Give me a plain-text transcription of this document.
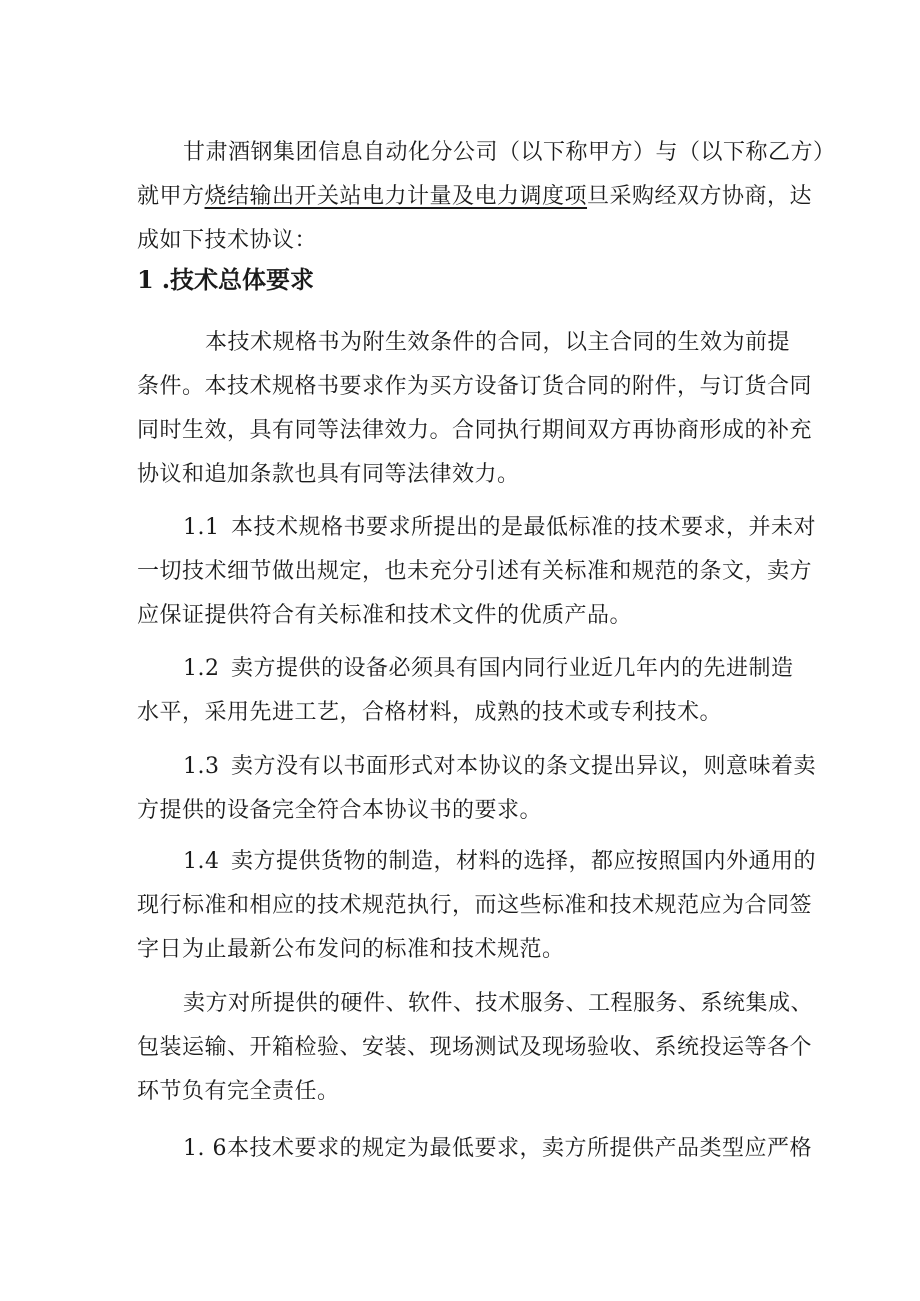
甘肃酒钢集团信息自动化分公司（以下称甲方）与（以下称乙方）
就甲方烧结输出开关站电力计量及电力调度项旦采购经双方协商，达
成如下技术协议：

1 .技术总体要求

本技术规格书为附生效条件的合同，以主合同的生效为前提
条件。本技术规格书要求作为买方设备订货合同的附件，与订货合同
同时生效，具有同等法律效力。合同执行期间双方再协商形成的补充
协议和追加条款也具有同等法律效力。

1.1 本技术规格书要求所提出的是最低标准的技术要求，并未对
一切技术细节做出规定，也未充分引述有关标准和规范的条文，卖方
应保证提供符合有关标准和技术文件的优质产品。

1.2 卖方提供的设备必须具有国内同行业近几年内的先进制造
水平，采用先进工艺，合格材料，成熟的技术或专利技术。

1.3 卖方没有以书面形式对本协议的条文提出异议，则意味着卖
方提供的设备完全符合本协议书的要求。

1.4 卖方提供货物的制造，材料的选择，都应按照国内外通用的
现行标准和相应的技术规范执行，而这些标准和技术规范应为合同签
字日为止最新公布发问的标准和技术规范。

卖方对所提供的硬件、软件、技术服务、工程服务、系统集成、
包装运输、开箱检验、安装、现场测试及现场验收、系统投运等各个
环节负有完全责任。

1. 6本技术要求的规定为最低要求，卖方所提供产品类型应严格
